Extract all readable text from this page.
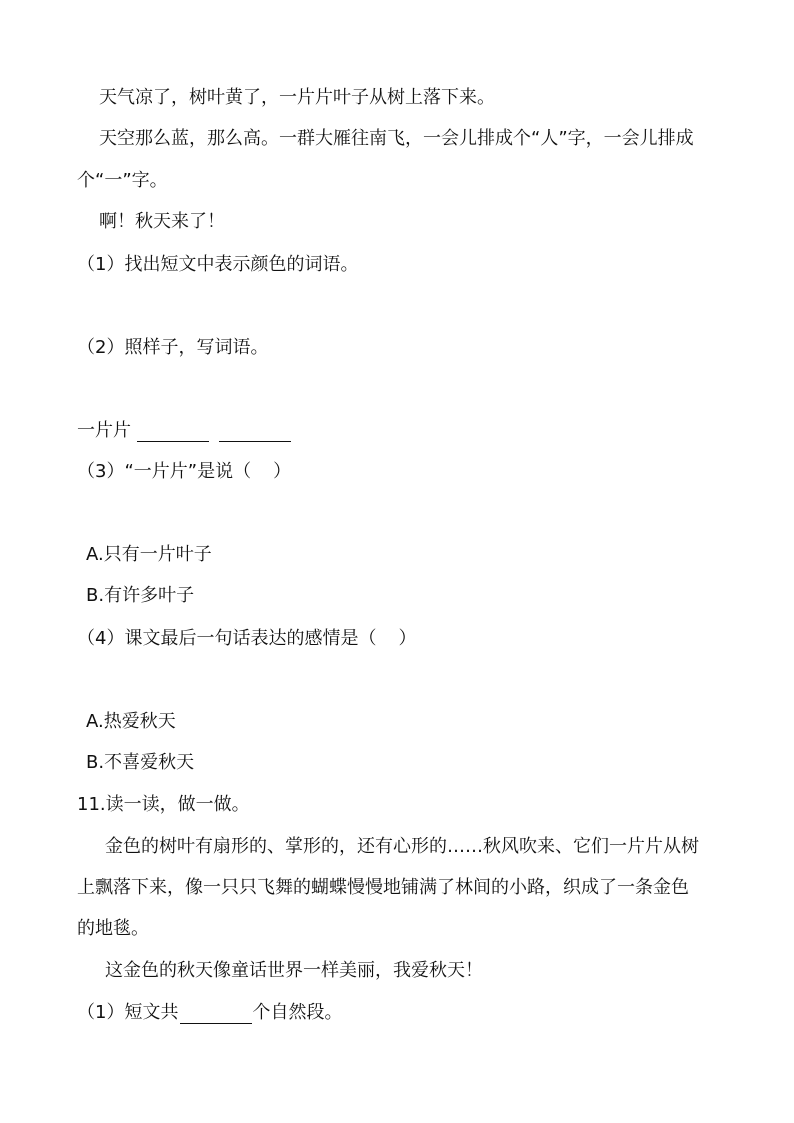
天气凉了，树叶黄了，一片片叶子从树上落下来。
天空那么蓝，那么高。一群大雁往南飞，一会儿排成个“人”字，一会儿排成
个“一”字。
啊！秋天来了！
（1）找出短文中表示颜色的词语。
（2）照样子，写词语。
一片片
（3）“一片片”是说（ ）
A.只有一片叶子
B.有许多叶子
（4）课文最后一句话表达的感情是（ ）
A.热爱秋天
B.不喜爱秋天
11.读一读，做一做。
金色的树叶有扇形的、掌形的，还有心形的……秋风吹来、它们一片片从树
上飘落下来，像一只只飞舞的蝴蝶慢慢地铺满了林间的小路，织成了一条金色
的地毯。
这金色的秋天像童话世界一样美丽，我爱秋天！
（1）短文共	个自然段。
